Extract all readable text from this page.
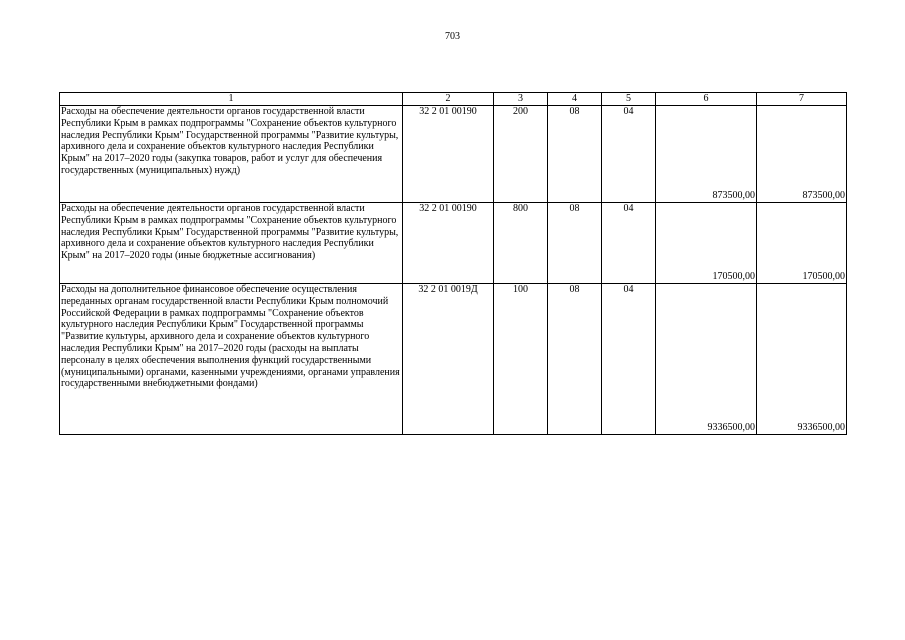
703
1	2	3	4	5	6	7
Расходы на обеспечение деятельности органов государственной власти Республики Крым в рамках подпрограммы "Сохранение объектов культурного наследия Республики Крым" Государственной программы "Развитие культуры, архивного дела и сохранение объектов культурного наследия Республики Крым" на 2017–2020 годы (закупка товаров, работ и услуг для обеспечения государственных (муниципальных) нужд)	32 2 01 00190	200	08	04	873500,00	873500,00
Расходы на обеспечение деятельности органов государственной власти Республики Крым в рамках подпрограммы "Сохранение объектов культурного наследия Республики Крым" Государственной программы "Развитие культуры, архивного дела и сохранение объектов культурного наследия Республики Крым" на 2017–2020 годы (иные бюджетные ассигнования)	32 2 01 00190	800	08	04	170500,00	170500,00
Расходы на дополнительное финансовое обеспечение осуществления переданных органам государственной власти Республики Крым полномочий Российской Федерации в рамках подпрограммы "Сохранение объектов культурного наследия Республики Крым" Государственной программы "Развитие культуры, архивного дела и сохранение объектов культурного наследия Республики Крым" на 2017–2020 годы (расходы на выплаты персоналу в целях обеспечения выполнения функций государственными (муниципальными) органами, казенными учреждениями, органами управления государственными внебюджетными фондами)	32 2 01 0019Д	100	08	04	9336500,00	9336500,00
